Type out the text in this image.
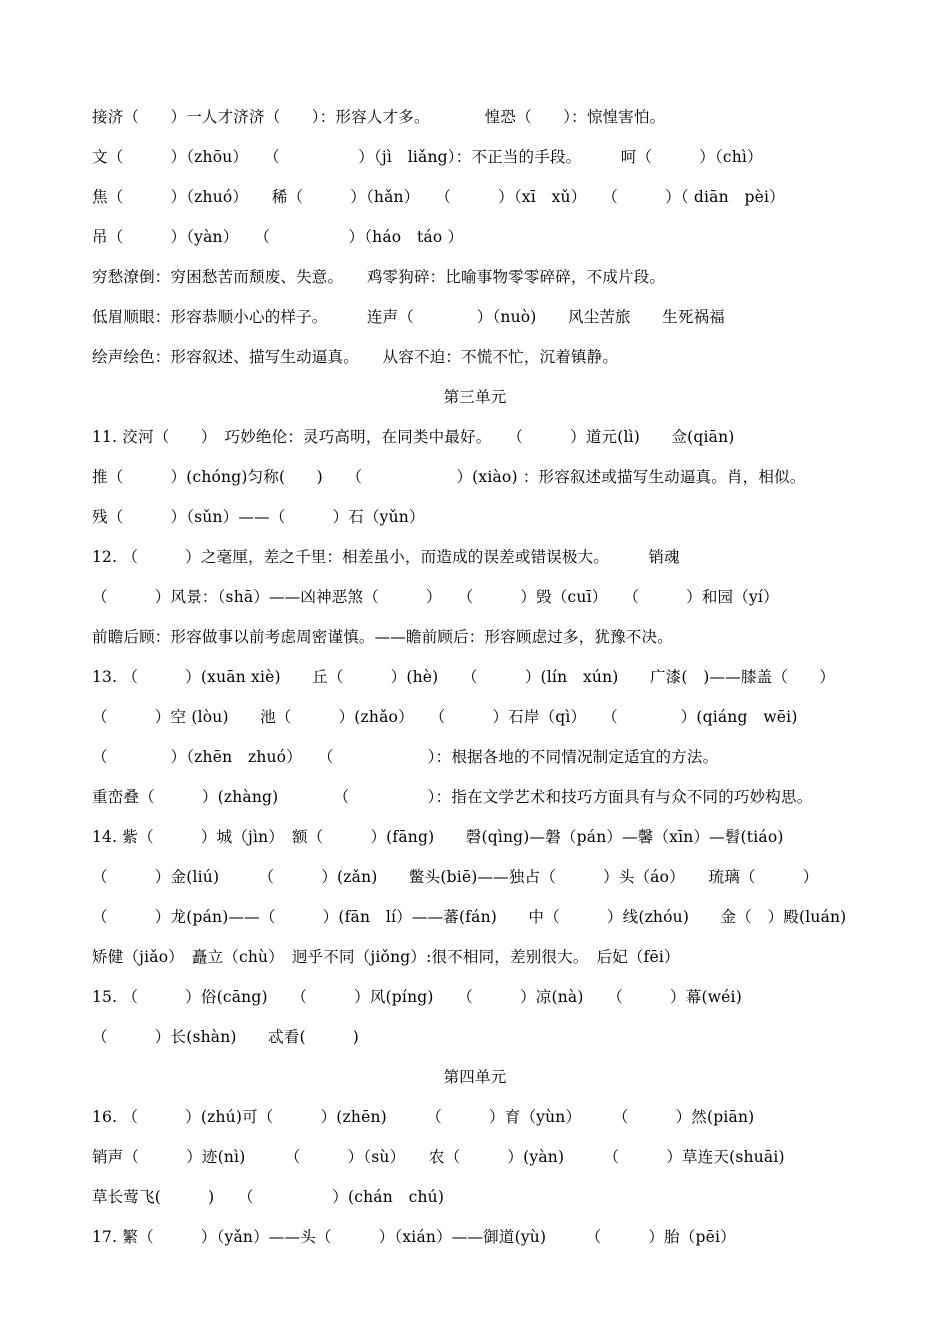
接济（　　）一人才济济（　　）：形容人才多。　　　　惶恐（　　）：惊惶害怕。
文（　　　）（zhōu）　　（　　　　　）（jì　liǎng）：不正当的手段。　　　呵（　　　）（chì）
焦（　　　）（zhuó）　　稀（　　　）（hǎn）　　（　　　）（xī　xǔ）　　（　　　）（ diān　pèi）
吊（　　　）（yàn）　　（　　　　　）（háo　táo ）
穷愁潦倒：穷困愁苦而颓废、失意。　　鸡零狗碎：比喻事物零零碎碎，不成片段。
低眉顺眼：形容恭顺小心的样子。　　　连声（　　　　）（nuò)　　风尘苦旅　　生死祸福
绘声绘色：形容叙述、描写生动逼真。　　从容不迫：不慌不忙，沉着镇静。
第三单元
11. 洨河（　　）　巧妙绝伦：灵巧高明，在同类中最好。　　（　　　）道元(lì)　　佥(qiān)
推（　　　）(chóng)匀称(　　)　　（　　　　　　）(xiào) ：形容叙述或描写生动逼真。肖，相似。
残（　　　）（sǔn）——（　　　）石（yǔn）
12. （　　　）之毫厘，差之千里：相差虽小，而造成的误差或错误极大。　　　销魂
（　　　）风景：（shā）——凶神恶煞（　　　）　　（　　　）毁（cuī）　　（　　　）和园（yí）
前瞻后顾：形容做事以前考虑周密谨慎。——瞻前顾后：形容顾虑过多，犹豫不决。
13. （　　　）(xuān xiè)　　丘（　　　）(hè)　　（　　　）(lín　xún)　　广漆(　)——膝盖（　　）
（　　　）空 (lòu)　　池（　　　）(zhǎo）　　（　　　）石岸（qì）　　（　　　　）(qiáng　wēi)
（　　　　）（zhēn　zhuó）　　（　　　　　　）：根据各地的不同情况制定适宜的方法。
重峦叠（　　　）(zhàng)　　　　（　　　　　）：指在文学艺术和技巧方面具有与众不同的巧妙构思。
14. 紫（　　　）城（jìn）　额（　　　）(fāng)　　磬(qìng)—磐（pán）—馨（xīn）—髫(tiáo)
（　　　）金(liú)　　　（　　　）(zǎn)　　鳖头(biē)——独占（　　　）头（áo）　　琉璃（　　　）
（　　　）龙(pán)——（　　　）(fān　lí）——蕃(fán)　　中（　　　）线(zhóu)　　金（　）殿(luán)
矫健（jiǎo）　矗立（chù）　迥乎不同（jiǒng）:很不相同，差别很大。　后妃（fēi）
15. （　　　）俗(cāng)　　（　　　）风(píng)　　（　　　）凉(nà)　　（　　　）幕(wéi)
（　　　）长(shàn)　　忒看(　　　)
第四单元
16. （　　　）(zhú)可（　　　）(zhēn)　　　（　　　）育（yùn）　　　（　　　）然(piān)
销声（　　　）迹(nì)　　　（　　　）（sù）　　农（　　　）(yàn)　　　（　　　）草连天(shuāi)
草长莺飞(　　　)　　（　　　　　）(chán　chú)
17. 繁（　　　）（yǎn）——头（　　　）（xián）——御道(yù)　　　（　　　）胎（pēi）
